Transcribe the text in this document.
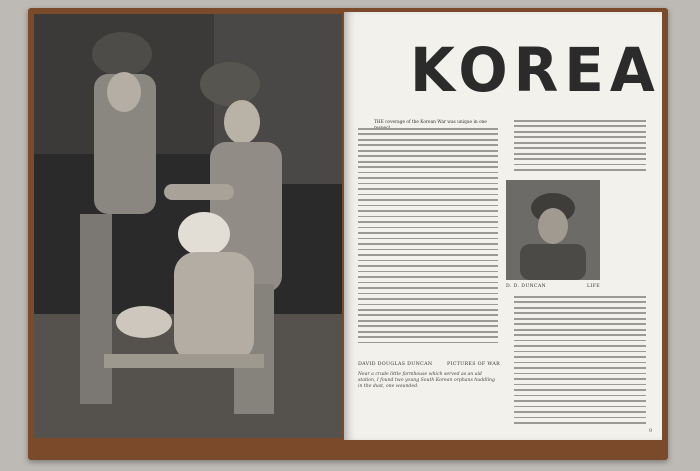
KOREA
THE coverage of the Korean War was unique in one
D. D. DUNCAN	LIFE
DAVID DOUGLAS DUNCAN	PICTURES OF WAR
Near a crude little farmhouse which served as an aid station, I found two young South Korean orphans huddling in the dust, one wounded.
9
